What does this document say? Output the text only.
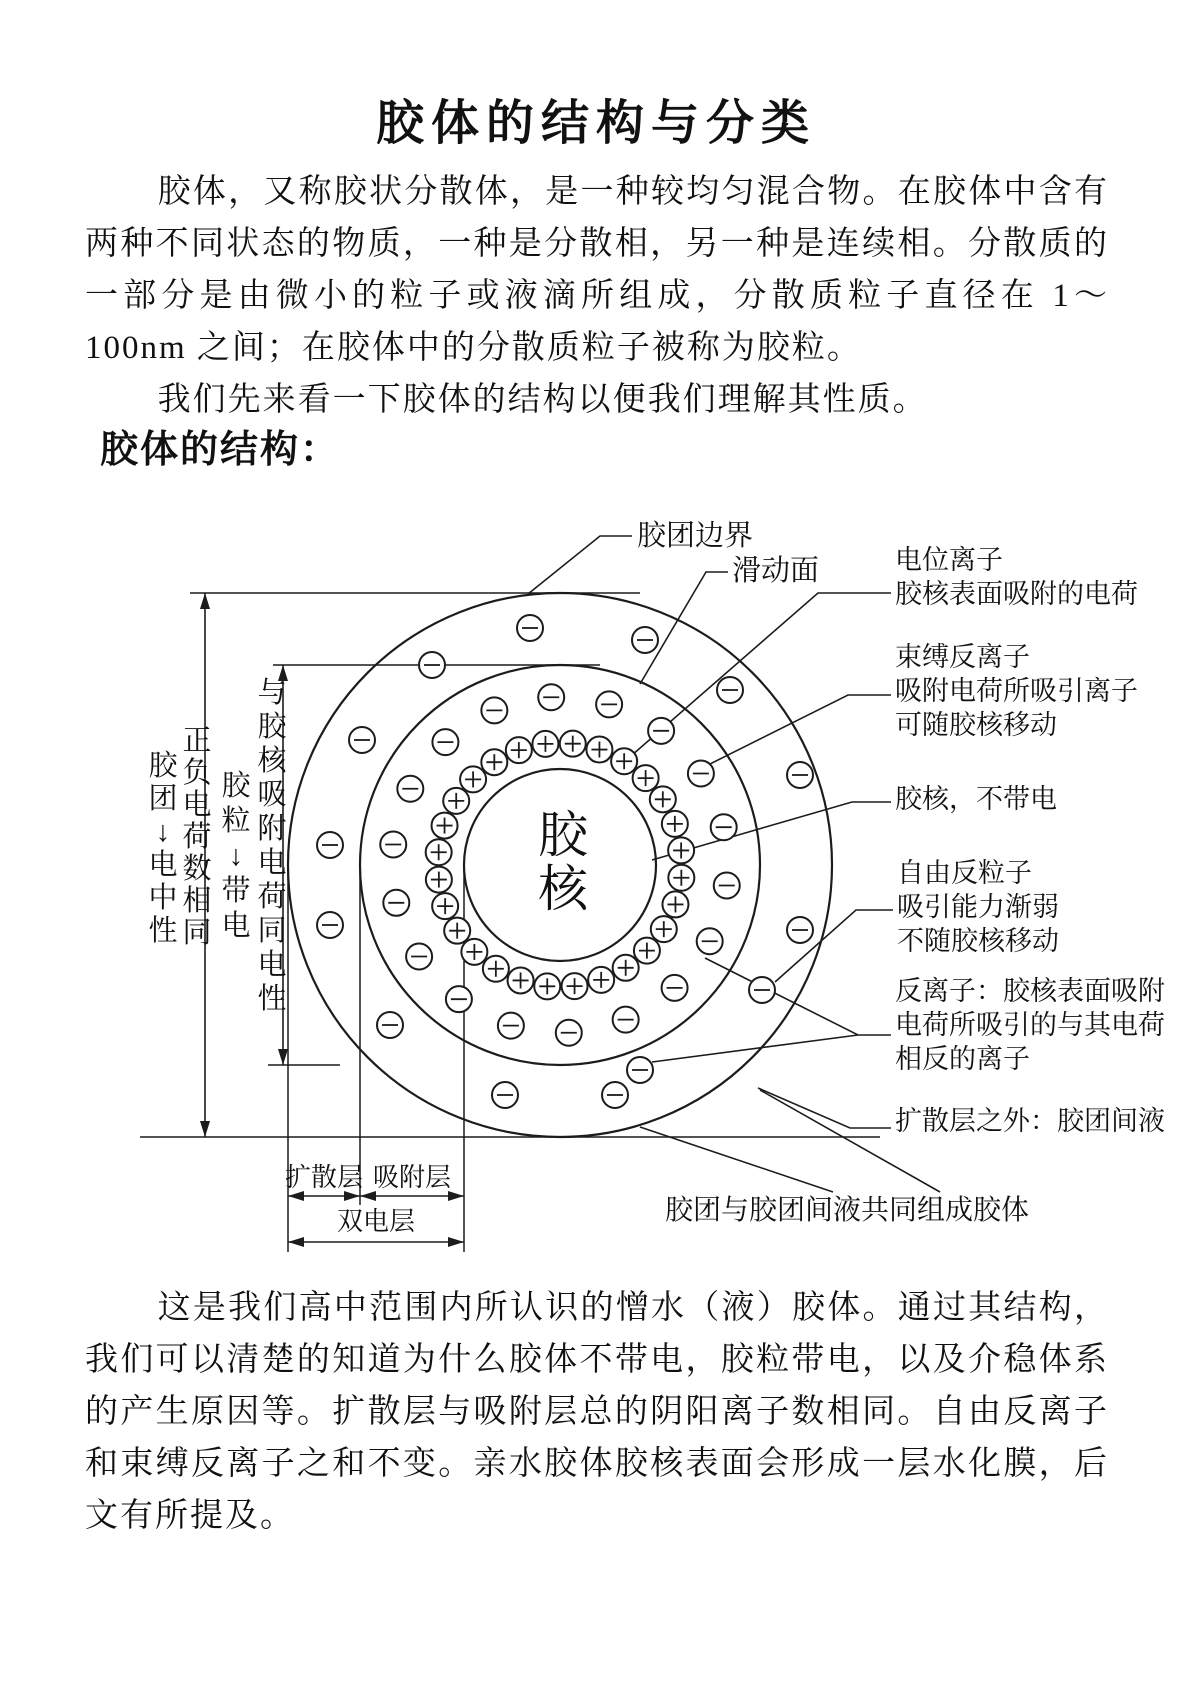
胶体的结构与分类

胶体，又称胶状分散体，是一种较均匀混合物。在胶体中含有两种不同状态的物质，一种是分散相，另一种是连续相。分散质的一部分是由微小的粒子或液滴所组成，分散质粒子直径在 1～100nm 之间；在胶体中的分散质粒子被称为胶粒。

我们先来看一下胶体的结构以便我们理解其性质。

胶体的结构：
胶
团
↓
电
中
性
正
负
电
荷
数
相
同
胶
粒
↓
带
电
与
胶
核
吸
附
电
荷
同
电
性
扩散层 吸附层
双电层
胶团边界
滑动面	电位离子
胶核表面吸附的电荷
束缚反离子
吸附电荷所吸引离子
可随胶核移动
胶核，不带电
自由反粒子
吸引能力渐弱
不随胶核移动
反离子：胶核表面吸附
电荷所吸引的与其电荷
相反的离子
扩散层之外：胶团间液
胶团与胶团间液共同组成胶体
胶
核

这是我们高中范围内所认识的憎水（液）胶体。通过其结构，我们可以清楚的知道为什么胶体不带电，胶粒带电，以及介稳体系的产生原因等。扩散层与吸附层总的阴阳离子数相同。自由反离子和束缚反离子之和不变。亲水胶体胶核表面会形成一层水化膜，后文有所提及。
